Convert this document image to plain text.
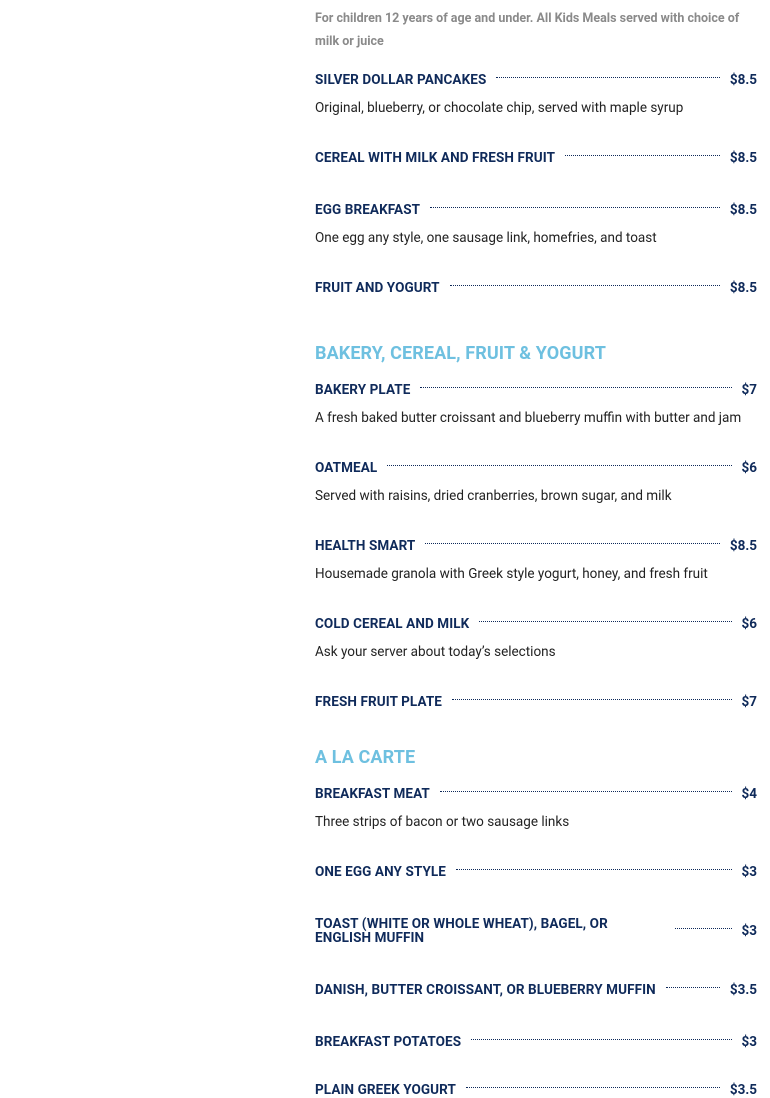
For children 12 years of age and under. All Kids Meals served with choice of milk or juice
SILVER DOLLAR PANCAKES	$8.5
Original, blueberry, or chocolate chip, served with maple syrup
CEREAL WITH MILK AND FRESH FRUIT	$8.5
EGG BREAKFAST	$8.5
One egg any style, one sausage link, homefries, and toast
FRUIT AND YOGURT	$8.5
BAKERY, CEREAL, FRUIT & YOGURT
BAKERY PLATE	$7
A fresh baked butter croissant and blueberry muffin with butter and jam
OATMEAL	$6
Served with raisins, dried cranberries, brown sugar, and milk
HEALTH SMART	$8.5
Housemade granola with Greek style yogurt, honey, and fresh fruit
COLD CEREAL AND MILK	$6
Ask your server about today’s selections
FRESH FRUIT PLATE	$7
A LA CARTE
BREAKFAST MEAT	$4
Three strips of bacon or two sausage links
ONE EGG ANY STYLE	$3
TOAST (WHITE OR WHOLE WHEAT), BAGEL, OR ENGLISH MUFFIN	$3
DANISH, BUTTER CROISSANT, OR BLUEBERRY MUFFIN	$3.5
BREAKFAST POTATOES	$3
PLAIN GREEK YOGURT	$3.5
